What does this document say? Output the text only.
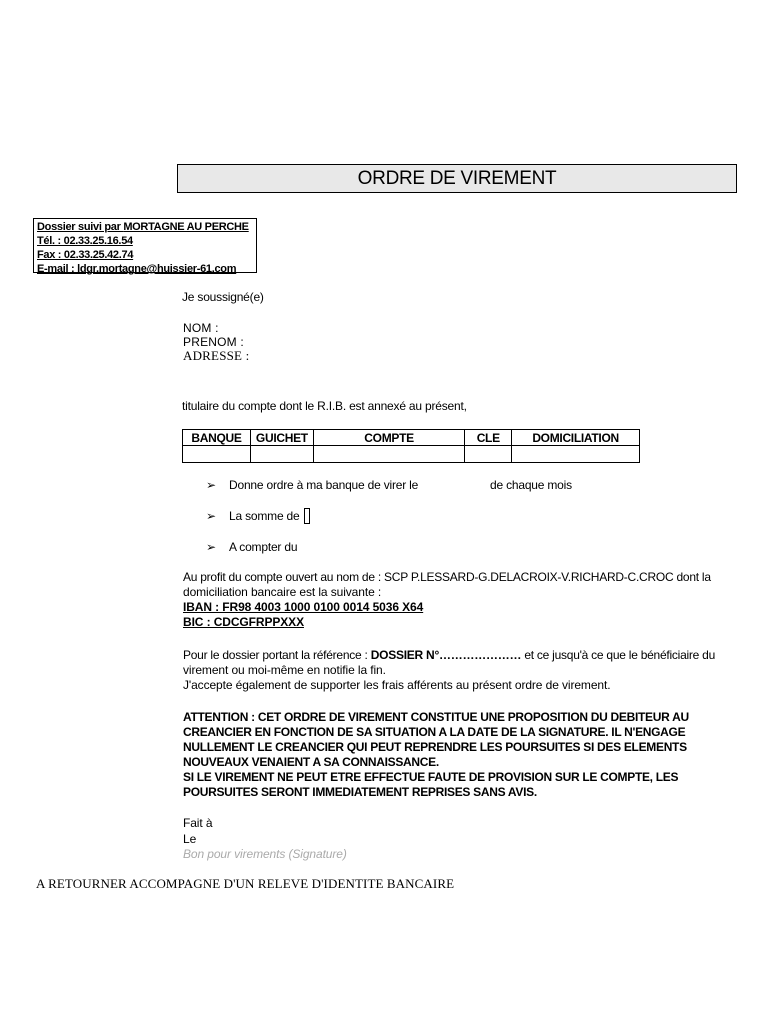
ORDRE DE VIREMENT
Dossier suivi par MORTAGNE AU PERCHE
Tél. : 02.33.25.16.54
Fax : 02.33.25.42.74
E-mail : ldgr.mortagne@huissier-61.com
Je soussigné(e)
NOM :
PRENOM :
ADRESSE :
titulaire du compte dont le R.I.B. est annexé au présent,
BANQUE	GUICHET	COMPTE	CLE	DOMICILIATION

➢	Donne ordre à ma banque de virer le	de chaque mois
➢	La somme de
➢	A compter du
Au profit du compte ouvert au nom de : SCP P.LESSARD-G.DELACROIX-V.RICHARD-C.CROC dont la
domiciliation bancaire est la suivante :
IBAN : FR98 4003 1000 0100 0014 5036 X64
BIC : CDCGFRPPXXX
Pour le dossier portant la référence : DOSSIER N°………………… et ce jusqu'à ce que le bénéficiaire du
virement ou moi-même en notifie la fin.
J'accepte également de supporter les frais afférents au présent ordre de virement.
ATTENTION : CET ORDRE DE VIREMENT CONSTITUE UNE PROPOSITION DU DEBITEUR AU
CREANCIER EN FONCTION DE SA SITUATION A LA DATE DE LA SIGNATURE. IL N'ENGAGE
NULLEMENT LE CREANCIER QUI PEUT REPRENDRE LES POURSUITES SI DES ELEMENTS
NOUVEAUX VENAIENT A SA CONNAISSANCE.
SI LE VIREMENT NE PEUT ETRE EFFECTUE FAUTE DE PROVISION SUR LE COMPTE, LES
POURSUITES SERONT IMMEDIATEMENT REPRISES SANS AVIS.
Fait à
Le
Bon pour virements (Signature)
A RETOURNER ACCOMPAGNE D'UN RELEVE D'IDENTITE BANCAIRE
